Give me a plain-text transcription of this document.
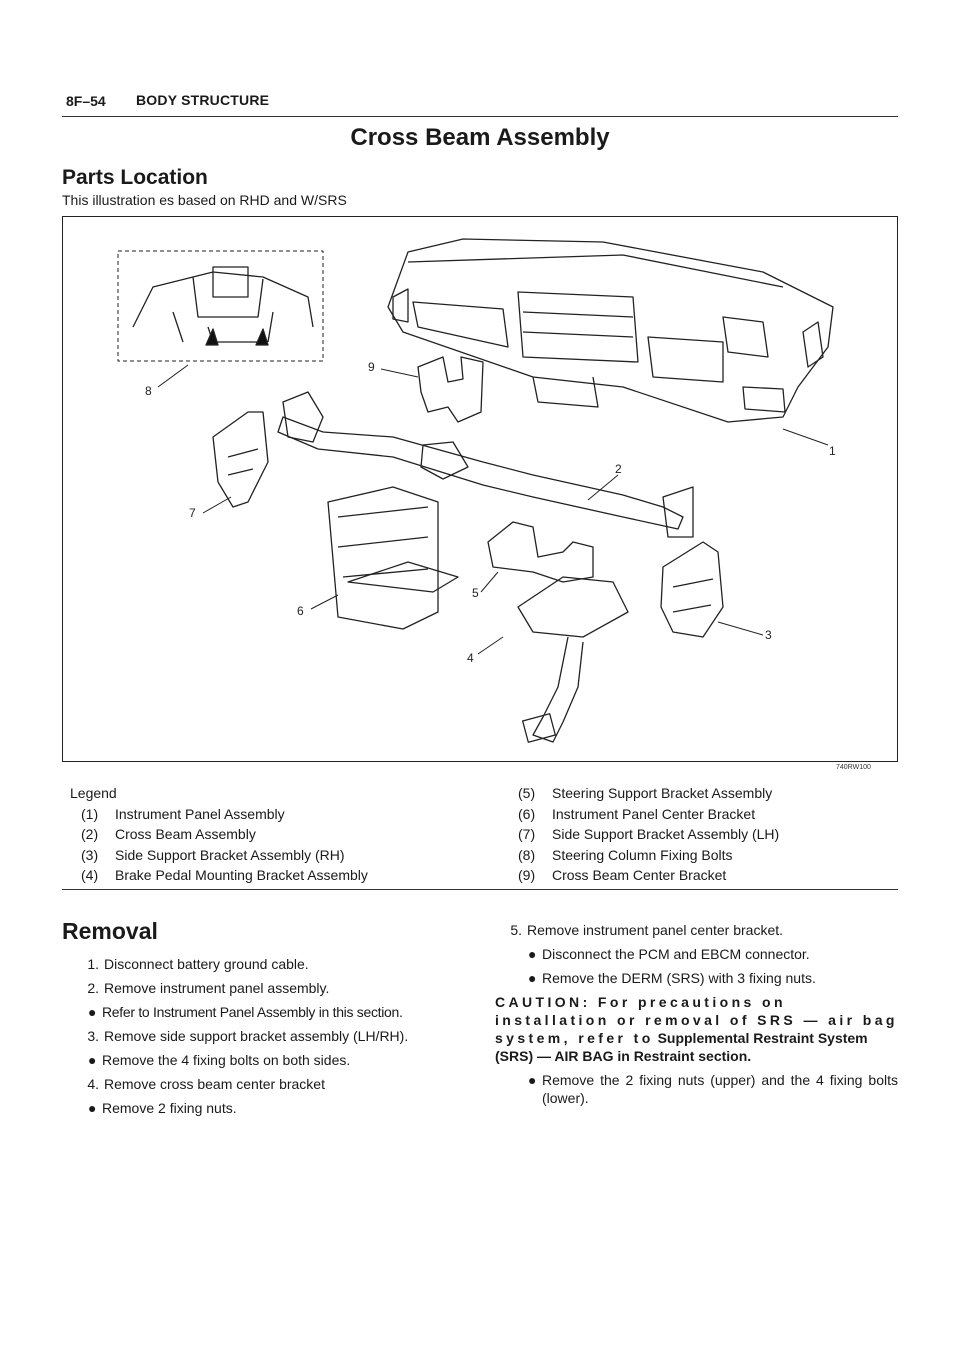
8F–54 BODY STRUCTURE
Cross Beam Assembly
Parts Location
This illustration es based on RHD and W/SRS
1
2
3
4
5
6
7
8
9
740RW100
Legend
(1)	Instrument Panel Assembly
(2)	Cross Beam Assembly
(3)	Side Support Bracket Assembly (RH)
(4)	Brake Pedal Mounting Bracket Assembly
(5)	Steering Support Bracket Assembly
(6)	Instrument Panel Center Bracket
(7)	Side Support Bracket Assembly (LH)
(8)	Steering Column Fixing Bolts
(9)	Cross Beam Center Bracket
Removal
1. Disconnect battery ground cable.
2. Remove instrument panel assembly.
● Refer to Instrument Panel Assembly in this section.
3. Remove side support bracket assembly (LH/RH).
● Remove the 4 fixing bolts on both sides.
4. Remove cross beam center bracket
● Remove 2 fixing nuts.
5. Remove instrument panel center bracket.
● Disconnect the PCM and EBCM connector.
● Remove the DERM (SRS) with 3 fixing nuts.
CAUTION: For precautions on installation or removal of SRS — air bag system, refer to Supplemental Restraint System (SRS) — AIR BAG in Restraint section.
● Remove the 2 fixing nuts (upper) and the 4 fixing bolts (lower).
